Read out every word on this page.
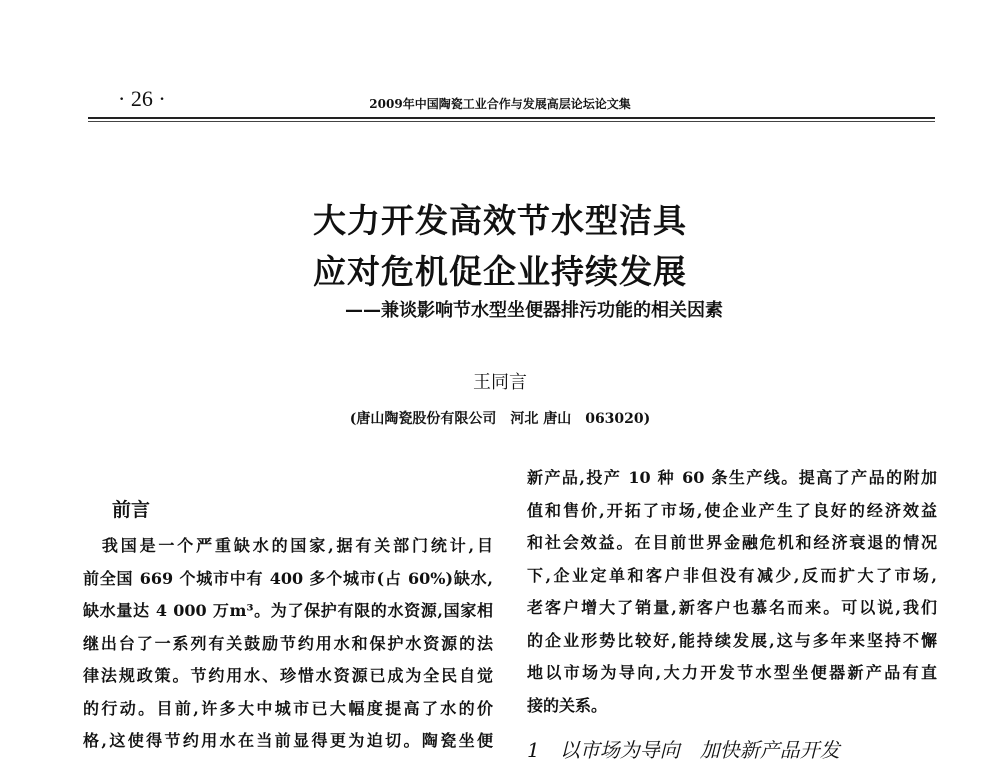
· 26 ·	2009年中国陶瓷工业合作与发展高层论坛论文集
大力开发高效节水型洁具
应对危机促企业持续发展
——兼谈影响节水型坐便器排污功能的相关因素
王同言
(唐山陶瓷股份有限公司　河北 唐山　063020)
前言
　我国是一个严重缺水的国家,据有关部门统计,目
前全国 669 个城市中有 400 多个城市(占 60%)缺水,
缺水量达 4 000 万m³。为了保护有限的水资源,国家相
继出台了一系列有关鼓励节约用水和保护水资源的法
律法规政策。节约用水、珍惜水资源已成为全民自觉
的行动。目前,许多大中城市已大幅度提高了水的价
格,这使得节约用水在当前显得更为迫切。陶瓷坐便
新产品,投产 10 种 60 条生产线。提高了产品的附加
值和售价,开拓了市场,使企业产生了良好的经济效益
和社会效益。在目前世界金融危机和经济衰退的情况
下,企业定单和客户非但没有减少,反而扩大了市场,
老客户增大了销量,新客户也慕名而来。可以说,我们
的企业形势比较好,能持续发展,这与多年来坚持不懈
地以市场为导向,大力开发节水型坐便器新产品有直
接的关系。
1　以市场为导向　加快新产品开发
